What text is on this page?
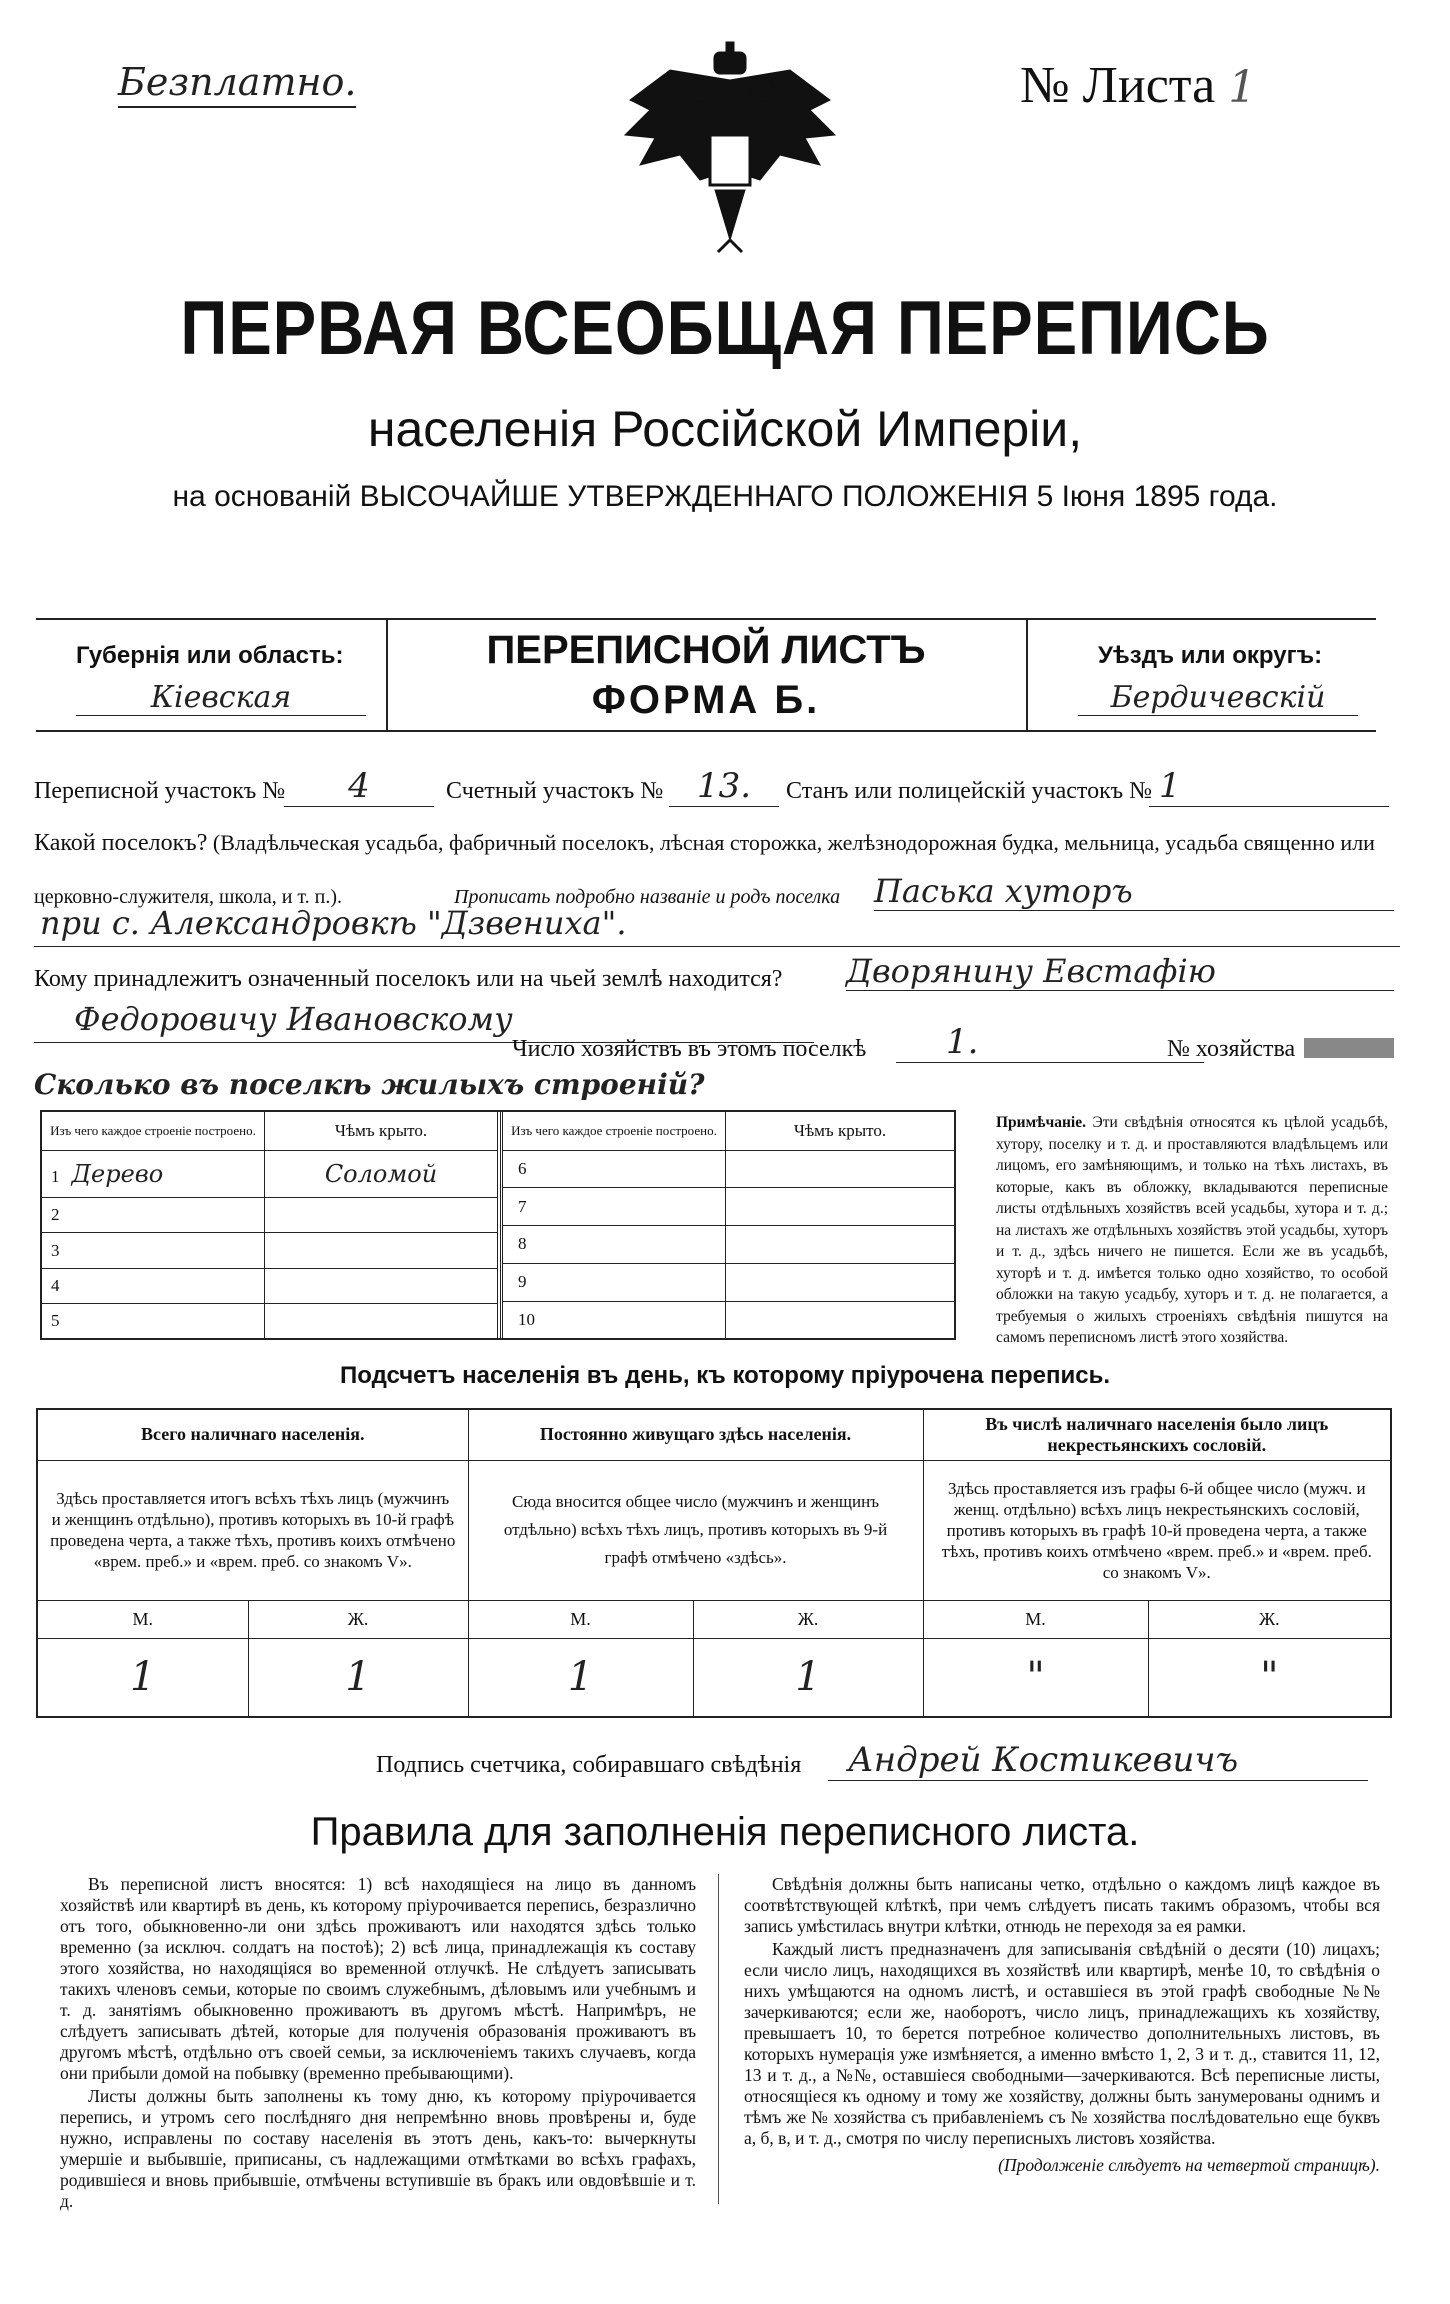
Безплатно.	№ Листа 1
ПЕРВАЯ ВСЕОБЩАЯ ПЕРЕПИСЬ
населенія Россійской Имперіи,
на основаній ВЫСОЧАЙШЕ УТВЕРЖДЕННАГО ПОЛОЖЕНІЯ 5 Іюня 1895 года.
Губернія или область:
Кіевская
ПЕРЕПИСНОЙ ЛИСТЪ
ФОРМА Б.
Уѣздъ или округъ:
Бердичевскій
Переписной участокъ №	4	Счетный участокъ № 13.	Станъ или полицейскій участокъ № 1
Какой поселокъ? (Владѣльческая усадьба, фабричный поселокъ, лѣсная сторожка, желѣзнодорожная будка, мельница, усадьба священно или
церковно-служителя, школа, и т. п.).	Прописать подробно названіе и родъ поселка Паська хуторъ
при с. Александровкѣ "Дзвениха".
Кому принадлежитъ означенный поселокъ или на чьей землѣ находится? Дворянину Евстафію
Федоровичу Ивановскому
Число хозяйствъ въ этомъ поселкѣ	1.	№ хозяйства
Сколько въ поселкѣ жилыхъ строеній?
Изъ чего каждое строеніе построено.	Чѣмъ крыто.
1 Дерево	Соломой
2	
3	
4	
5	
Изъ чего каждое строеніе построено.	Чѣмъ крыто.
6	
7	
8	
9	
10	

Примѣчаніе. Эти свѣдѣнія относятся къ цѣлой усадьбѣ, хутору, поселку и т. д. и проставляются владѣльцемъ или лицомъ, его замѣняющимъ, и только на тѣхъ листахъ, въ которые, какъ въ обложку, вкладываются переписные листы отдѣльныхъ хозяйствъ всей усадьбы, хутора и т. д.; на листахъ же отдѣльныхъ хозяйствъ этой усадьбы, хуторъ и т. д., здѣсь ничего не пишется. Если же въ усадьбѣ, хуторѣ и т. д. имѣется только одно хозяйство, то особой обложки на такую усадьбу, хуторъ и т. д. не полагается, а требуемыя о жилыхъ строеніяхъ свѣдѣнія пишутся на самомъ переписномъ листѣ этого хозяйства.

Подсчетъ населенія въ день, къ которому пріурочена перепись.
Всего наличнаго населенія.		Постоянно живущаго здѣсь населенія.		Въ числѣ наличнаго населенія было лицъ некрестьянскихъ сословій.	
Здѣсь проставляется итогъ всѣхъ тѣхъ лицъ (мужчинъ и женщинъ отдѣльно), противъ которыхъ въ 10-й графѣ проведена черта, а также тѣхъ, противъ коихъ отмѣчено «врем. преб.» и «врем. преб. со знакомъ V».		Сюда вносится общее число (мужчинъ и женщинъ отдѣльно) всѣхъ тѣхъ лицъ, противъ которыхъ въ 9-й графѣ отмѣчено «здѣсь».		Здѣсь проставляется изъ графы 6-й общее число (мужч. и женщ. отдѣльно) всѣхъ лицъ некрестьянскихъ сословій, противъ которыхъ въ графѣ 10-й проведена черта, а также тѣхъ, противъ коихъ отмѣчено «врем. преб.» и «врем. преб. со знакомъ V».	
М.	Ж.	М.	Ж.	М.	Ж.
1	1	1	1	"	"
Подпись счетчика, собиравшаго свѣдѣнія	Андрей Костикевичъ
Правила для заполненія переписного листа.

Въ переписной листъ вносятся: 1) всѣ находящіеся на лицо въ данномъ хозяйствѣ или квартирѣ въ день, къ которому пріурочивается перепись, безразлично отъ того, обыкновенно-ли они здѣсь проживаютъ или находятся здѣсь только временно (за исключ. солдатъ на постоѣ); 2) всѣ лица, принадлежащія къ составу этого хозяйства, но находящіяся во временной отлучкѣ. Не слѣдуетъ записывать такихъ членовъ семьи, которые по своимъ служебнымъ, дѣловымъ или учебнымъ и т. д. занятіямъ обыкновенно проживаютъ въ другомъ мѣстѣ. Напримѣръ, не слѣдуетъ записывать дѣтей, которые для полученія образованія проживаютъ въ другомъ мѣстѣ, отдѣльно отъ своей семьи, за исключеніемъ такихъ случаевъ, когда они прибыли домой на побывку (временно пребывающими).

Листы должны быть заполнены къ тому дню, къ которому пріурочивается перепись, и утромъ сего послѣдняго дня непремѣнно вновь провѣрены и, буде нужно, исправлены по составу населенія въ этотъ день, какъ-то: вычеркнуты умершіе и выбывшіе, приписаны, съ надлежащими отмѣтками во всѣхъ графахъ, родившіеся и вновь прибывшіе, отмѣчены вступившіе въ бракъ или овдовѣвшіе и т. д.

Свѣдѣнія должны быть написаны четко, отдѣльно о каждомъ лицѣ каждое въ соотвѣтствующей клѣткѣ, при чемъ слѣдуетъ писать такимъ образомъ, чтобы вся запись умѣстилась внутри клѣтки, отнюдь не переходя за ея рамки.

Каждый листъ предназначенъ для записыванія свѣдѣній о десяти (10) лицахъ; если число лицъ, находящихся въ хозяйствѣ или квартирѣ, менѣе 10, то свѣдѣнія о нихъ умѣщаются на одномъ листѣ, и оставшіеся въ этой графѣ свободные №№ зачеркиваются; если же, наоборотъ, число лицъ, принадлежащихъ къ хозяйству, превышаетъ 10, то берется потребное количество дополнительныхъ листовъ, въ которыхъ нумерація уже измѣняется, а именно вмѣсто 1, 2, 3 и т. д., ставится 11, 12, 13 и т. д., а №№, оставшіеся свободными—зачеркиваются. Всѣ переписные листы, относящіеся къ одному и тому же хозяйству, должны быть занумерованы однимъ и тѣмъ же № хозяйства съ прибавленіемъ съ № хозяйства послѣдовательно еще буквъ а, б, в, и т. д., смотря по числу переписныхъ листовъ хозяйства.

(Продолженіе слѣдуетъ на четвертой страницѣ).
